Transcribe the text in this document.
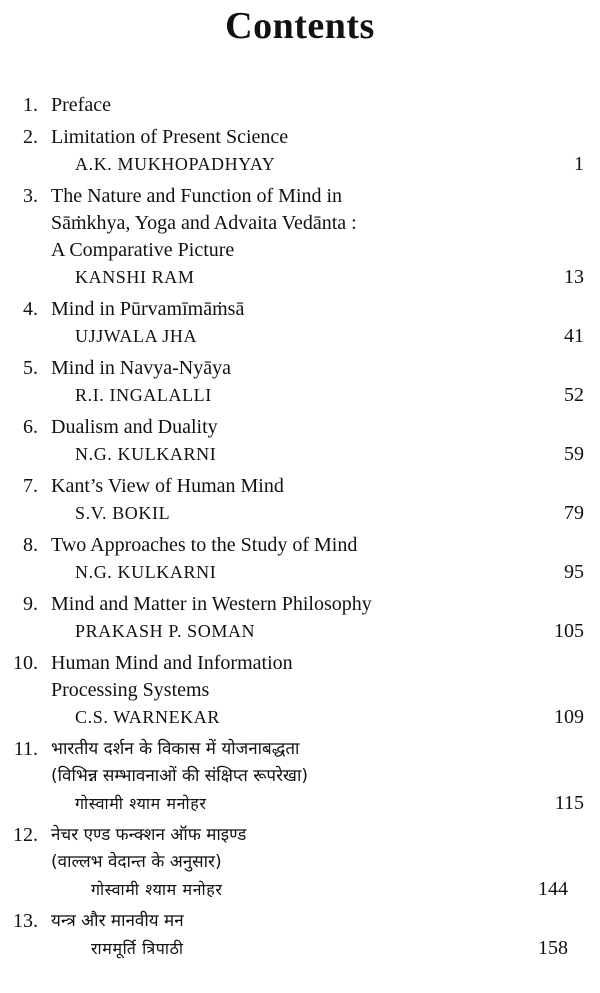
Contents
1. Preface
2. Limitation of Present Science
A.K. MUKHOPADHYAY	1
3. The Nature and Function of Mind in
Sāṁkhya, Yoga and Advaita Vedānta :
A Comparative Picture
KANSHI RAM	13
4. Mind in Pūrvamīmāṁsā
UJJWALA JHA	41
5. Mind in Navya-Nyāya
R.I. INGALALLI	52
6. Dualism and Duality
N.G. KULKARNI	59
7. Kant’s View of Human Mind
S.V. BOKIL	79
8. Two Approaches to the Study of Mind
N.G. KULKARNI	95
9. Mind and Matter in Western Philosophy
PRAKASH P. SOMAN	105
10. Human Mind and Information
Processing Systems
C.S. WARNEKAR	109
11. भारतीय दर्शन के विकास में योजनाबद्धता
(विभिन्न सम्भावनाओं की संक्षिप्त रूपरेखा)
गोस्वामी श्याम मनोहर	115
12. नेचर एण्ड फन्क्शन ऑफ माइण्ड
(वाल्लभ वेदान्त के अनुसार)
गोस्वामी श्याम मनोहर	144
13. यन्त्र और मानवीय मन
राममूर्ति त्रिपाठी	158
